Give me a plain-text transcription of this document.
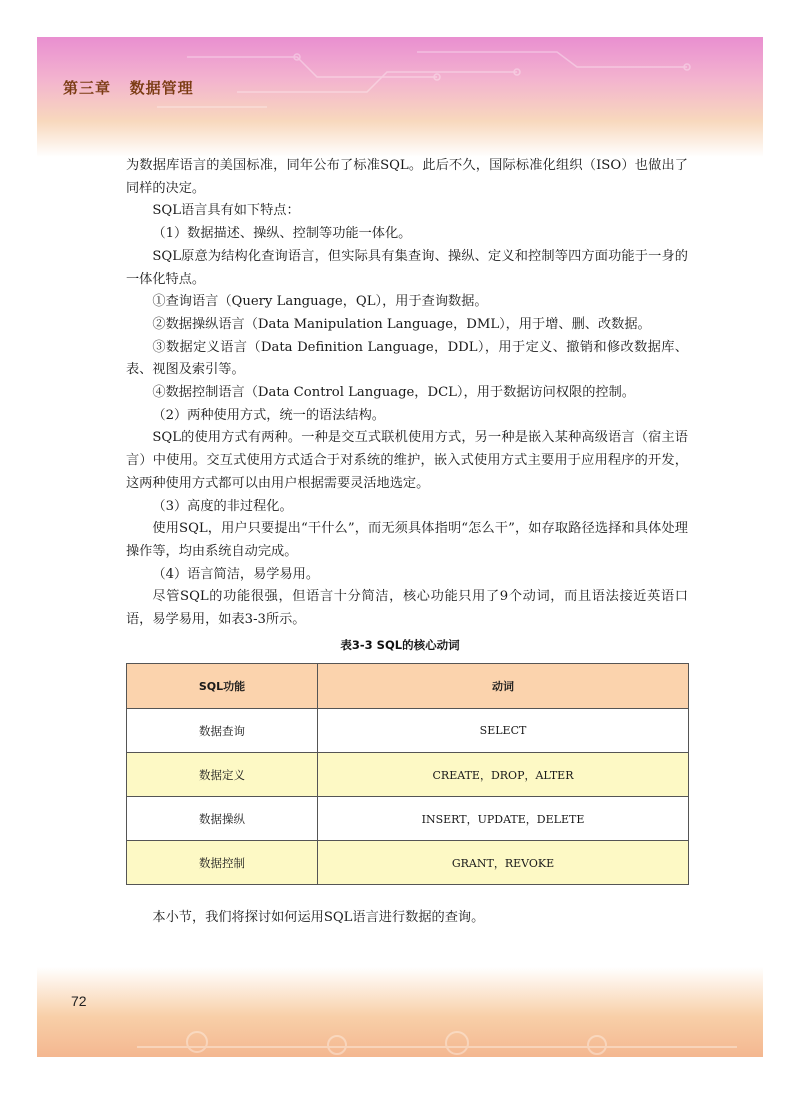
第三章   数据管理

为数据库语言的美国标准，同年公布了标准SQL。此后不久，国际标准化组织（ISO）也做出了同样的决定。

SQL语言具有如下特点：

（1）数据描述、操纵、控制等功能一体化。

SQL原意为结构化查询语言，但实际具有集查询、操纵、定义和控制等四方面功能于一身的一体化特点。

①查询语言（Query Language，QL），用于查询数据。

②数据操纵语言（Data Manipulation Language，DML），用于增、删、改数据。

③数据定义语言（Data Definition Language，DDL），用于定义、撤销和修改数据库、表、视图及索引等。

④数据控制语言（Data Control Language，DCL），用于数据访问权限的控制。

（2）两种使用方式，统一的语法结构。

SQL的使用方式有两种。一种是交互式联机使用方式，另一种是嵌入某种高级语言（宿主语言）中使用。交互式使用方式适合于对系统的维护，嵌入式使用方式主要用于应用程序的开发，这两种使用方式都可以由用户根据需要灵活地选定。

（3）高度的非过程化。

使用SQL，用户只要提出“干什么”，而无须具体指明“怎么干”，如存取路径选择和具体处理操作等，均由系统自动完成。

（4）语言简洁，易学易用。

尽管SQL的功能很强，但语言十分简洁，核心功能只用了9个动词，而且语法接近英语口语，易学易用，如表3-3所示。

表3-3 SQL的核心动词
SQL功能	动词
数据查询	SELECT
数据定义	CREATE，DROP，ALTER
数据操纵	INSERT，UPDATE，DELETE
数据控制	GRANT，REVOKE
本小节，我们将探讨如何运用SQL语言进行数据的查询。
72
